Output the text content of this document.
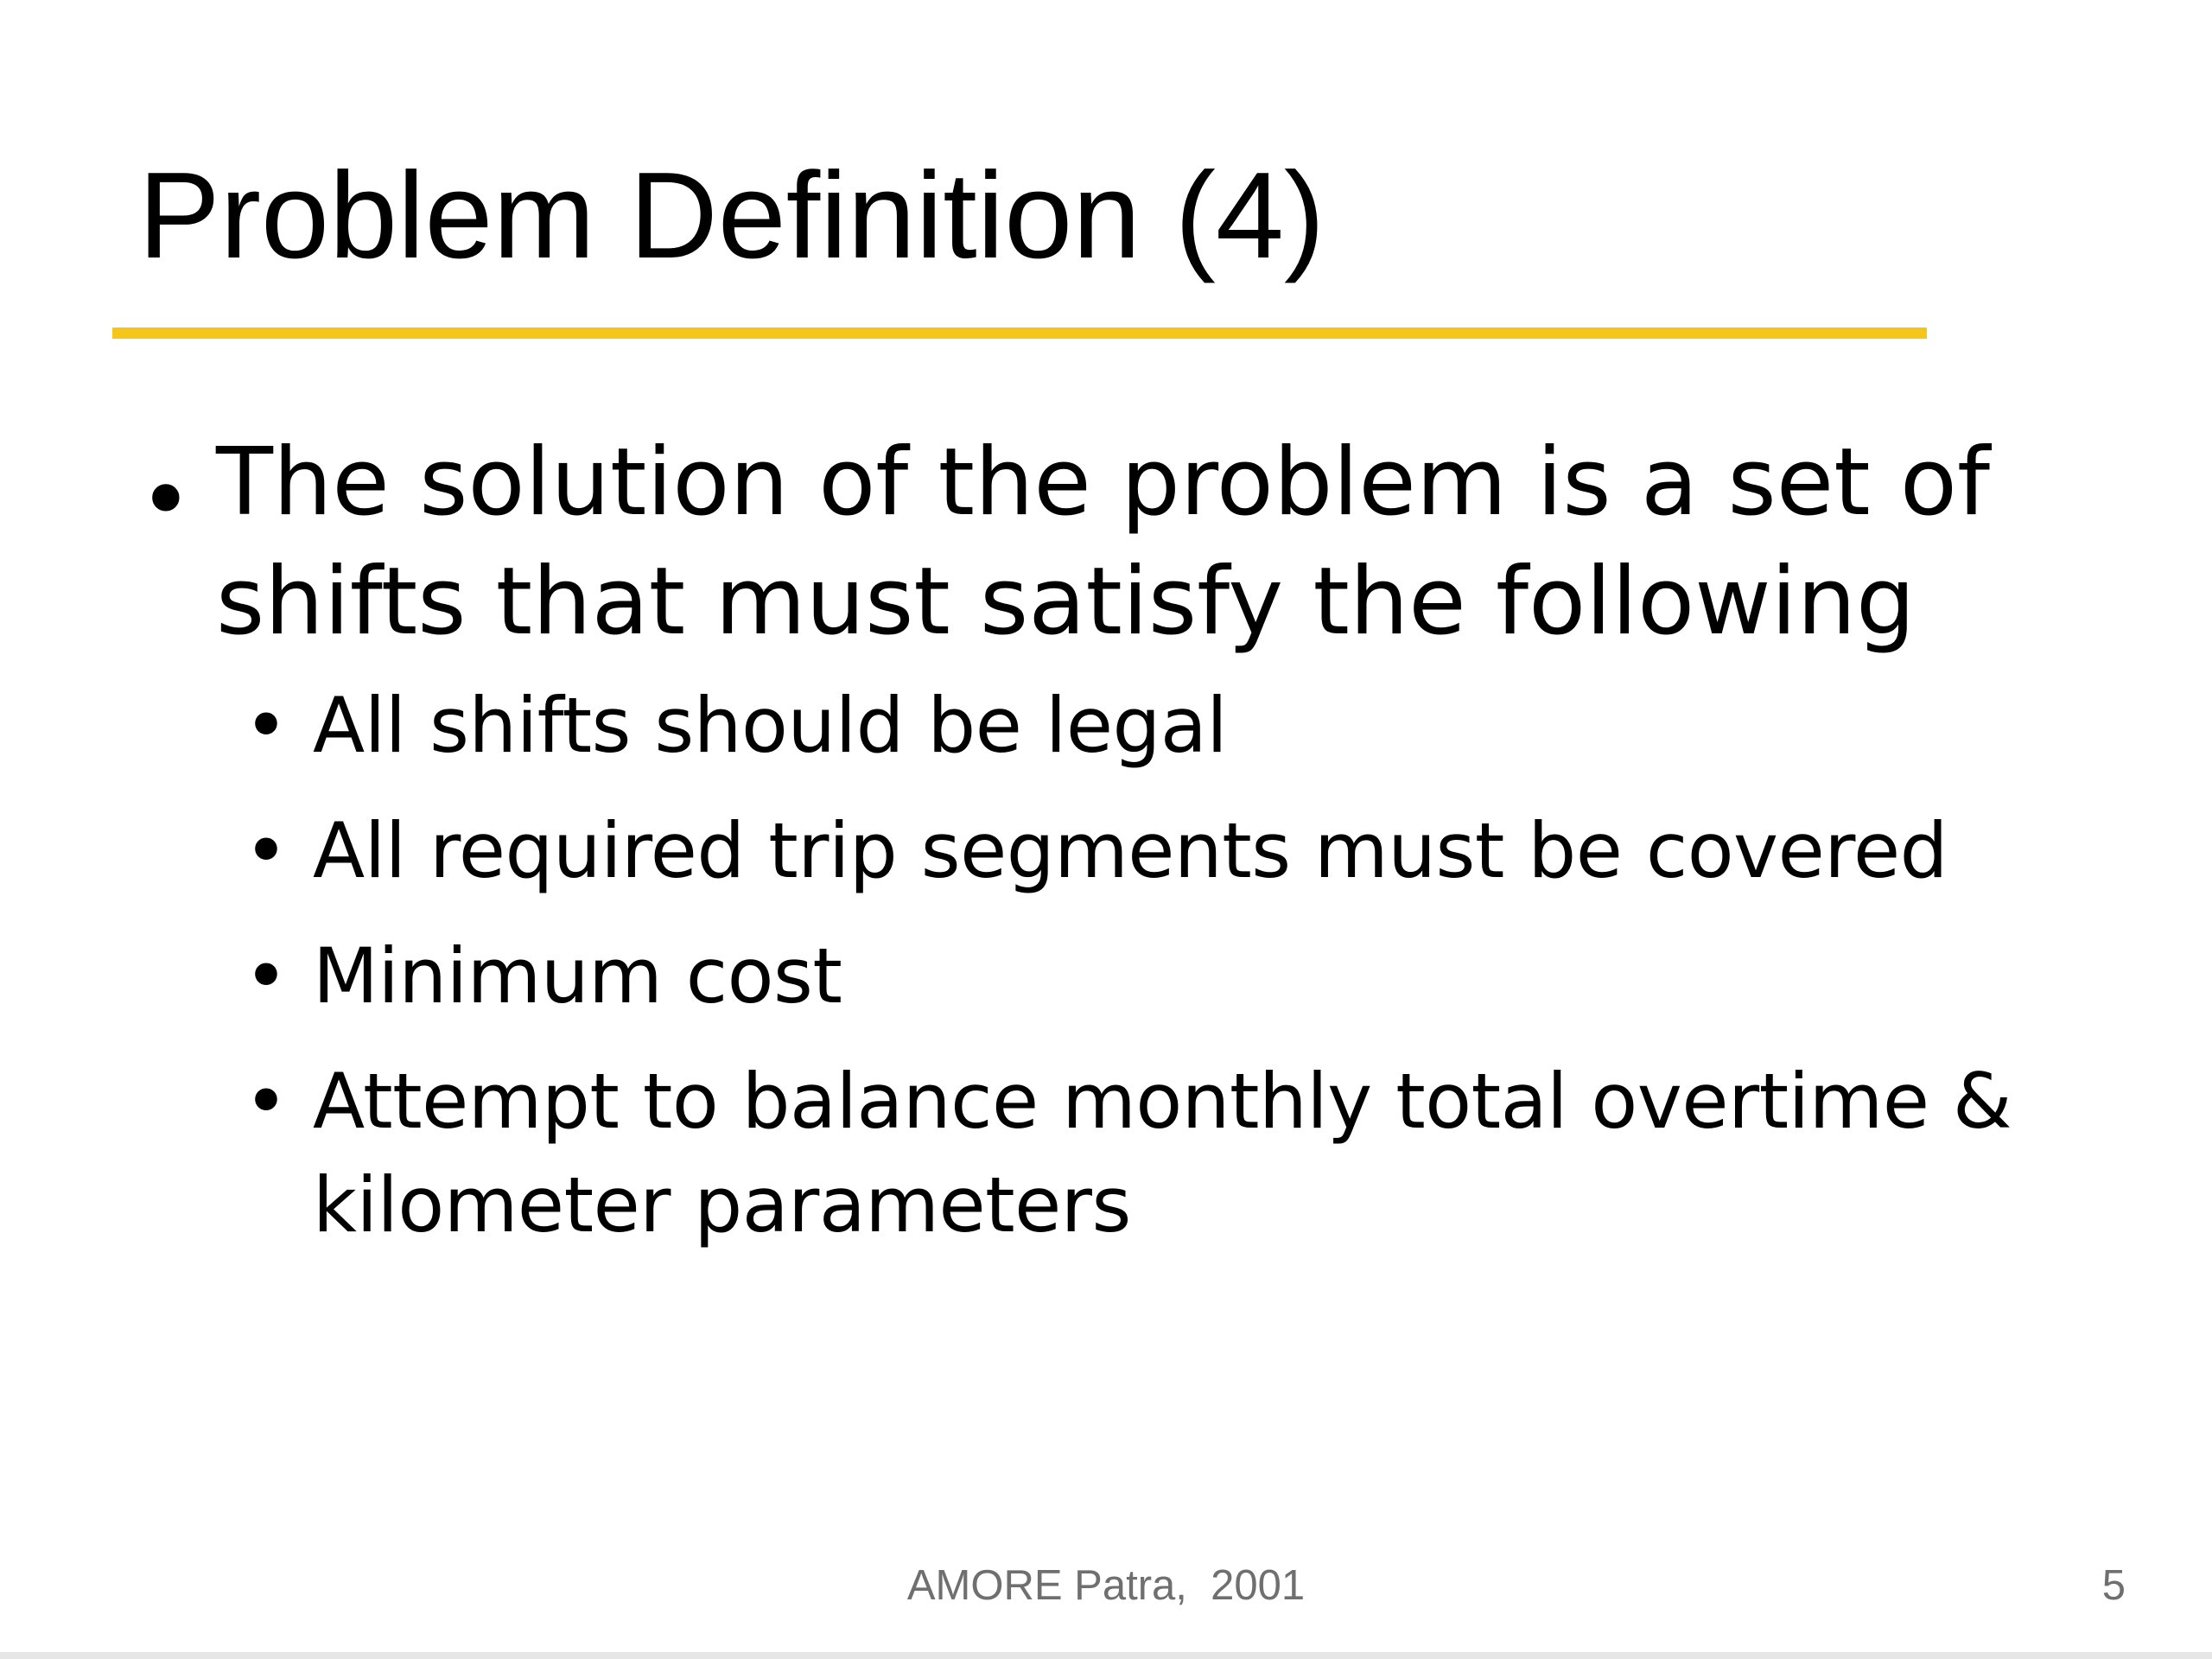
Problem Definition (4)
• The solution of the problem is a set of shifts that must satisfy the following

• All shifts should be legal

• All required trip segments must be covered

• Minimum cost

• Attempt to balance monthly total overtime & kilometer parameters

AMORE Patra,  2001	5
